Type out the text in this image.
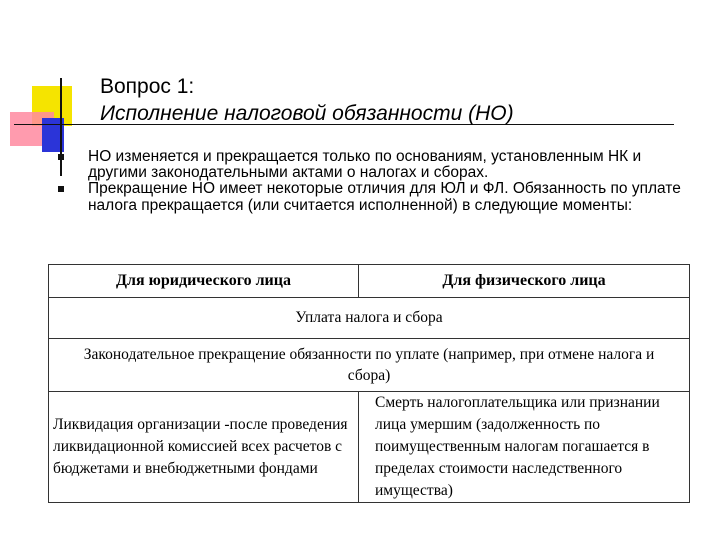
Вопрос 1:
Исполнение налоговой обязанности (НО)
НО изменяется и прекращается только по основаниям, установленным НК и другими законодательными актами о налогах и сборах.
Прекращение НО имеет некоторые отличия для ЮЛ и ФЛ. Обязанность по уплате налога прекращается (или считается исполненной) в следующие моменты:
Для юридического лица	Для физического лица
Уплата налога и сбора	
Законодательное прекращение обязанности по уплате (например, при отмене налога и сбора)	
Ликвидация организации -после проведения ликвидационной комиссией всех расчетов с бюджетами и внебюджетными фондами	Смерть налогоплательщика или признании лица умершим (задолженность по поимущественным налогам погашается в пределах стоимости наследственного имущества)
